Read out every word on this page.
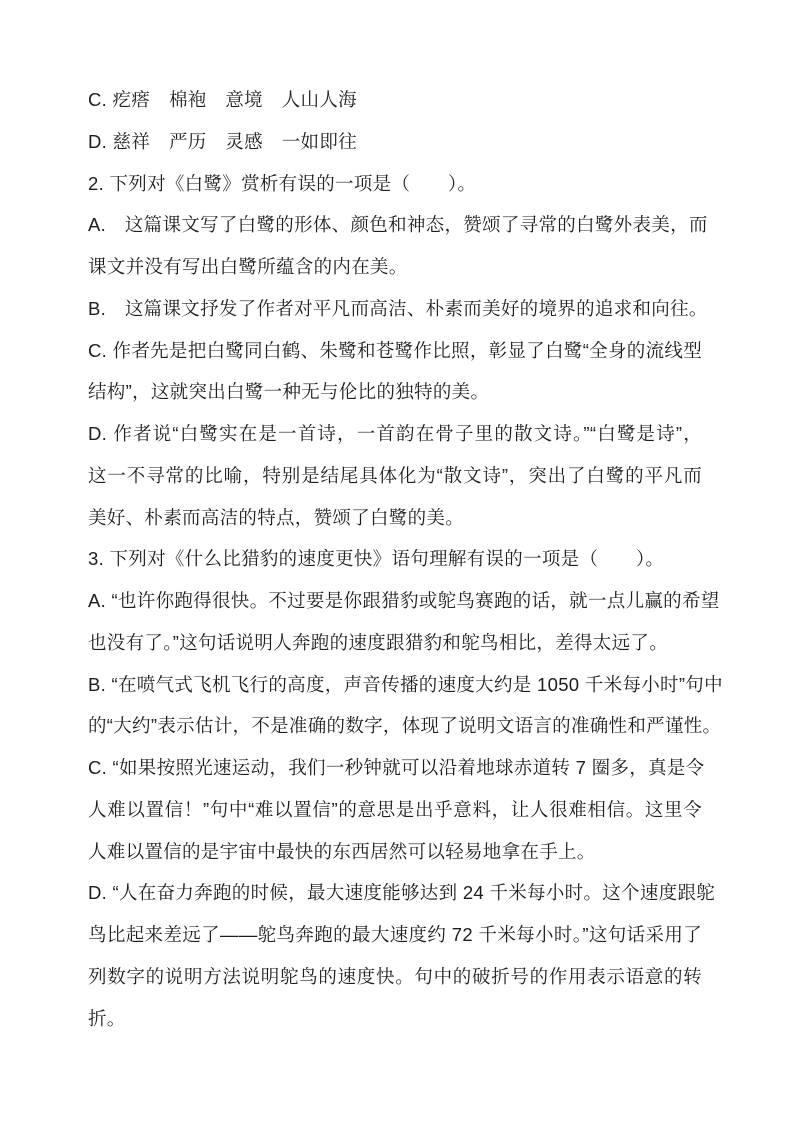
C. 疙瘩　棉袍　意境　人山人海
D. 慈祥　严历　灵感　一如即往
2. 下列对《白鹭》赏析有误的一项是（　　）。
A.　这篇课文写了白鹭的形体、颜色和神态，赞颂了寻常的白鹭外表美，而
课文并没有写出白鹭所蕴含的内在美。
B.　这篇课文抒发了作者对平凡而高洁、朴素而美好的境界的追求和向往。
C. 作者先是把白鹭同白鹤、朱鹭和苍鹭作比照，彰显了白鹭“全身的流线型
结构”，这就突出白鹭一种无与伦比的独特的美。
D. 作者说“白鹭实在是一首诗，一首韵在骨子里的散文诗。”“白鹭是诗”，
这一不寻常的比喻，特别是结尾具体化为“散文诗”，突出了白鹭的平凡而
美好、朴素而高洁的特点，赞颂了白鹭的美。
3. 下列对《什么比猎豹的速度更快》语句理解有误的一项是（　　）。
A. “也许你跑得很快。不过要是你跟猎豹或鸵鸟赛跑的话，就一点儿赢的希望
也没有了。”这句话说明人奔跑的速度跟猎豹和鸵鸟相比，差得太远了。
B. “在喷气式飞机飞行的高度，声音传播的速度大约是 1050 千米每小时”句中
的“大约”表示估计，不是准确的数字，体现了说明文语言的准确性和严谨性。
C. “如果按照光速运动，我们一秒钟就可以沿着地球赤道转 7 圈多，真是令
人难以置信！”句中“难以置信”的意思是出乎意料，让人很难相信。这里令
人难以置信的是宇宙中最快的东西居然可以轻易地拿在手上。
D. “人在奋力奔跑的时候，最大速度能够达到 24 千米每小时。这个速度跟鸵
鸟比起来差远了——鸵鸟奔跑的最大速度约 72 千米每小时。”这句话采用了
列数字的说明方法说明鸵鸟的速度快。句中的破折号的作用表示语意的转
折。
